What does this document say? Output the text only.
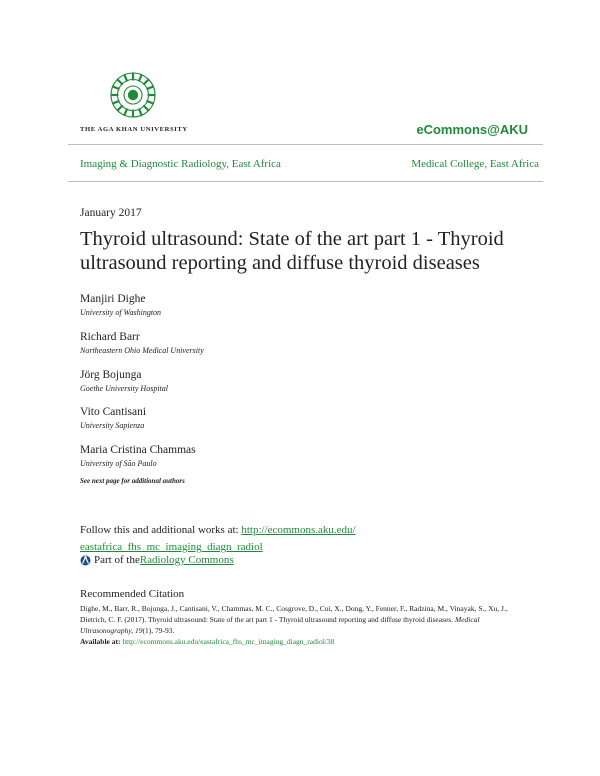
THE AGA KHAN UNIVERSITY	eCommons@AKU
Imaging & Diagnostic Radiology, East Africa	Medical College, East Africa
January 2017
Thyroid ultrasound: State of the art part 1 - Thyroid ultrasound reporting and diffuse thyroid diseases
Manjiri Dighe
University of Washington
Richard Barr
Northeastern Ohio Medical University
Jörg Bojunga
Goethe University Hospital
Vito Cantisani
University Sapienza
Maria Cristina Chammas
University of São Paulo
See next page for additional authors
Follow this and additional works at: http://ecommons.aku.edu/
eastafrica_fhs_mc_imaging_diagn_radiol
Part of the Radiology Commons
Recommended Citation
Dighe, M., Barr, R., Bojunga, J., Cantisani, V., Chammas, M. C., Cosgrove, D., Cui, X., Dong, Y., Fenner, F., Radzina, M., Vinayak, S., Xu, J., Dietrich, C. F. (2017). Thyroid ultrasound: State of the art part 1 - Thyroid ultrasound reporting and diffuse thyroid diseases. Medical Ultrasonography, 19(1), 79-93.
Available at: http://ecommons.aku.edu/eastafrica_fhs_mc_imaging_diagn_radiol/38
